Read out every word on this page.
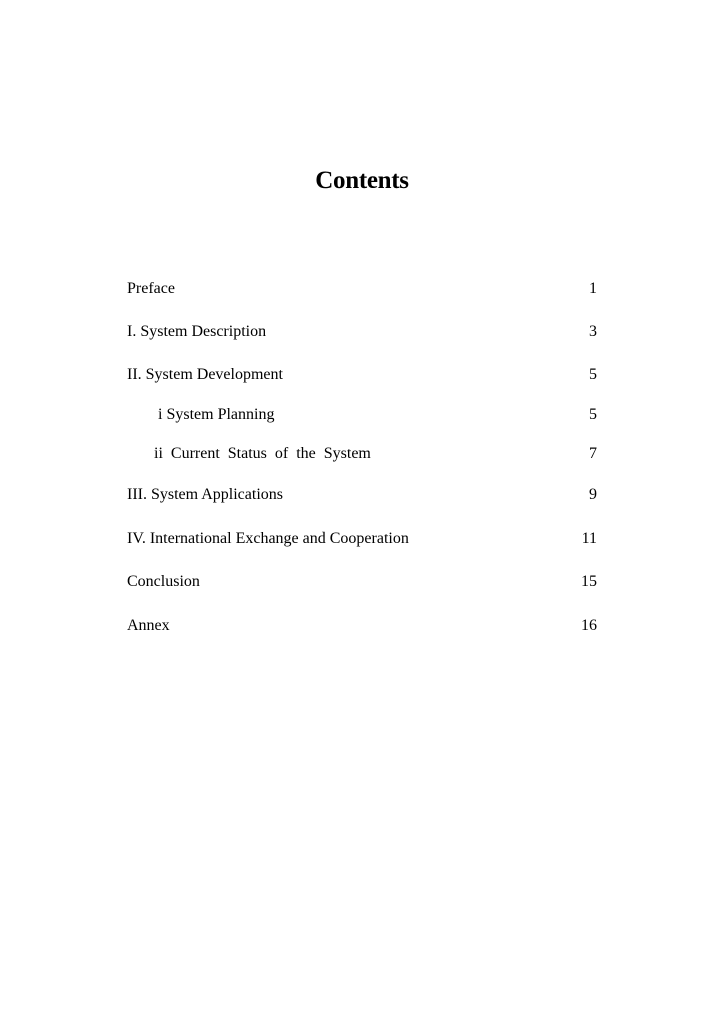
Contents
Preface	1
I. System Description	3
II. System Development	5
i System Planning	5
ii Current Status of the System	7
III. System Applications	9
IV. International Exchange and Cooperation	11
Conclusion	15
Annex	16
